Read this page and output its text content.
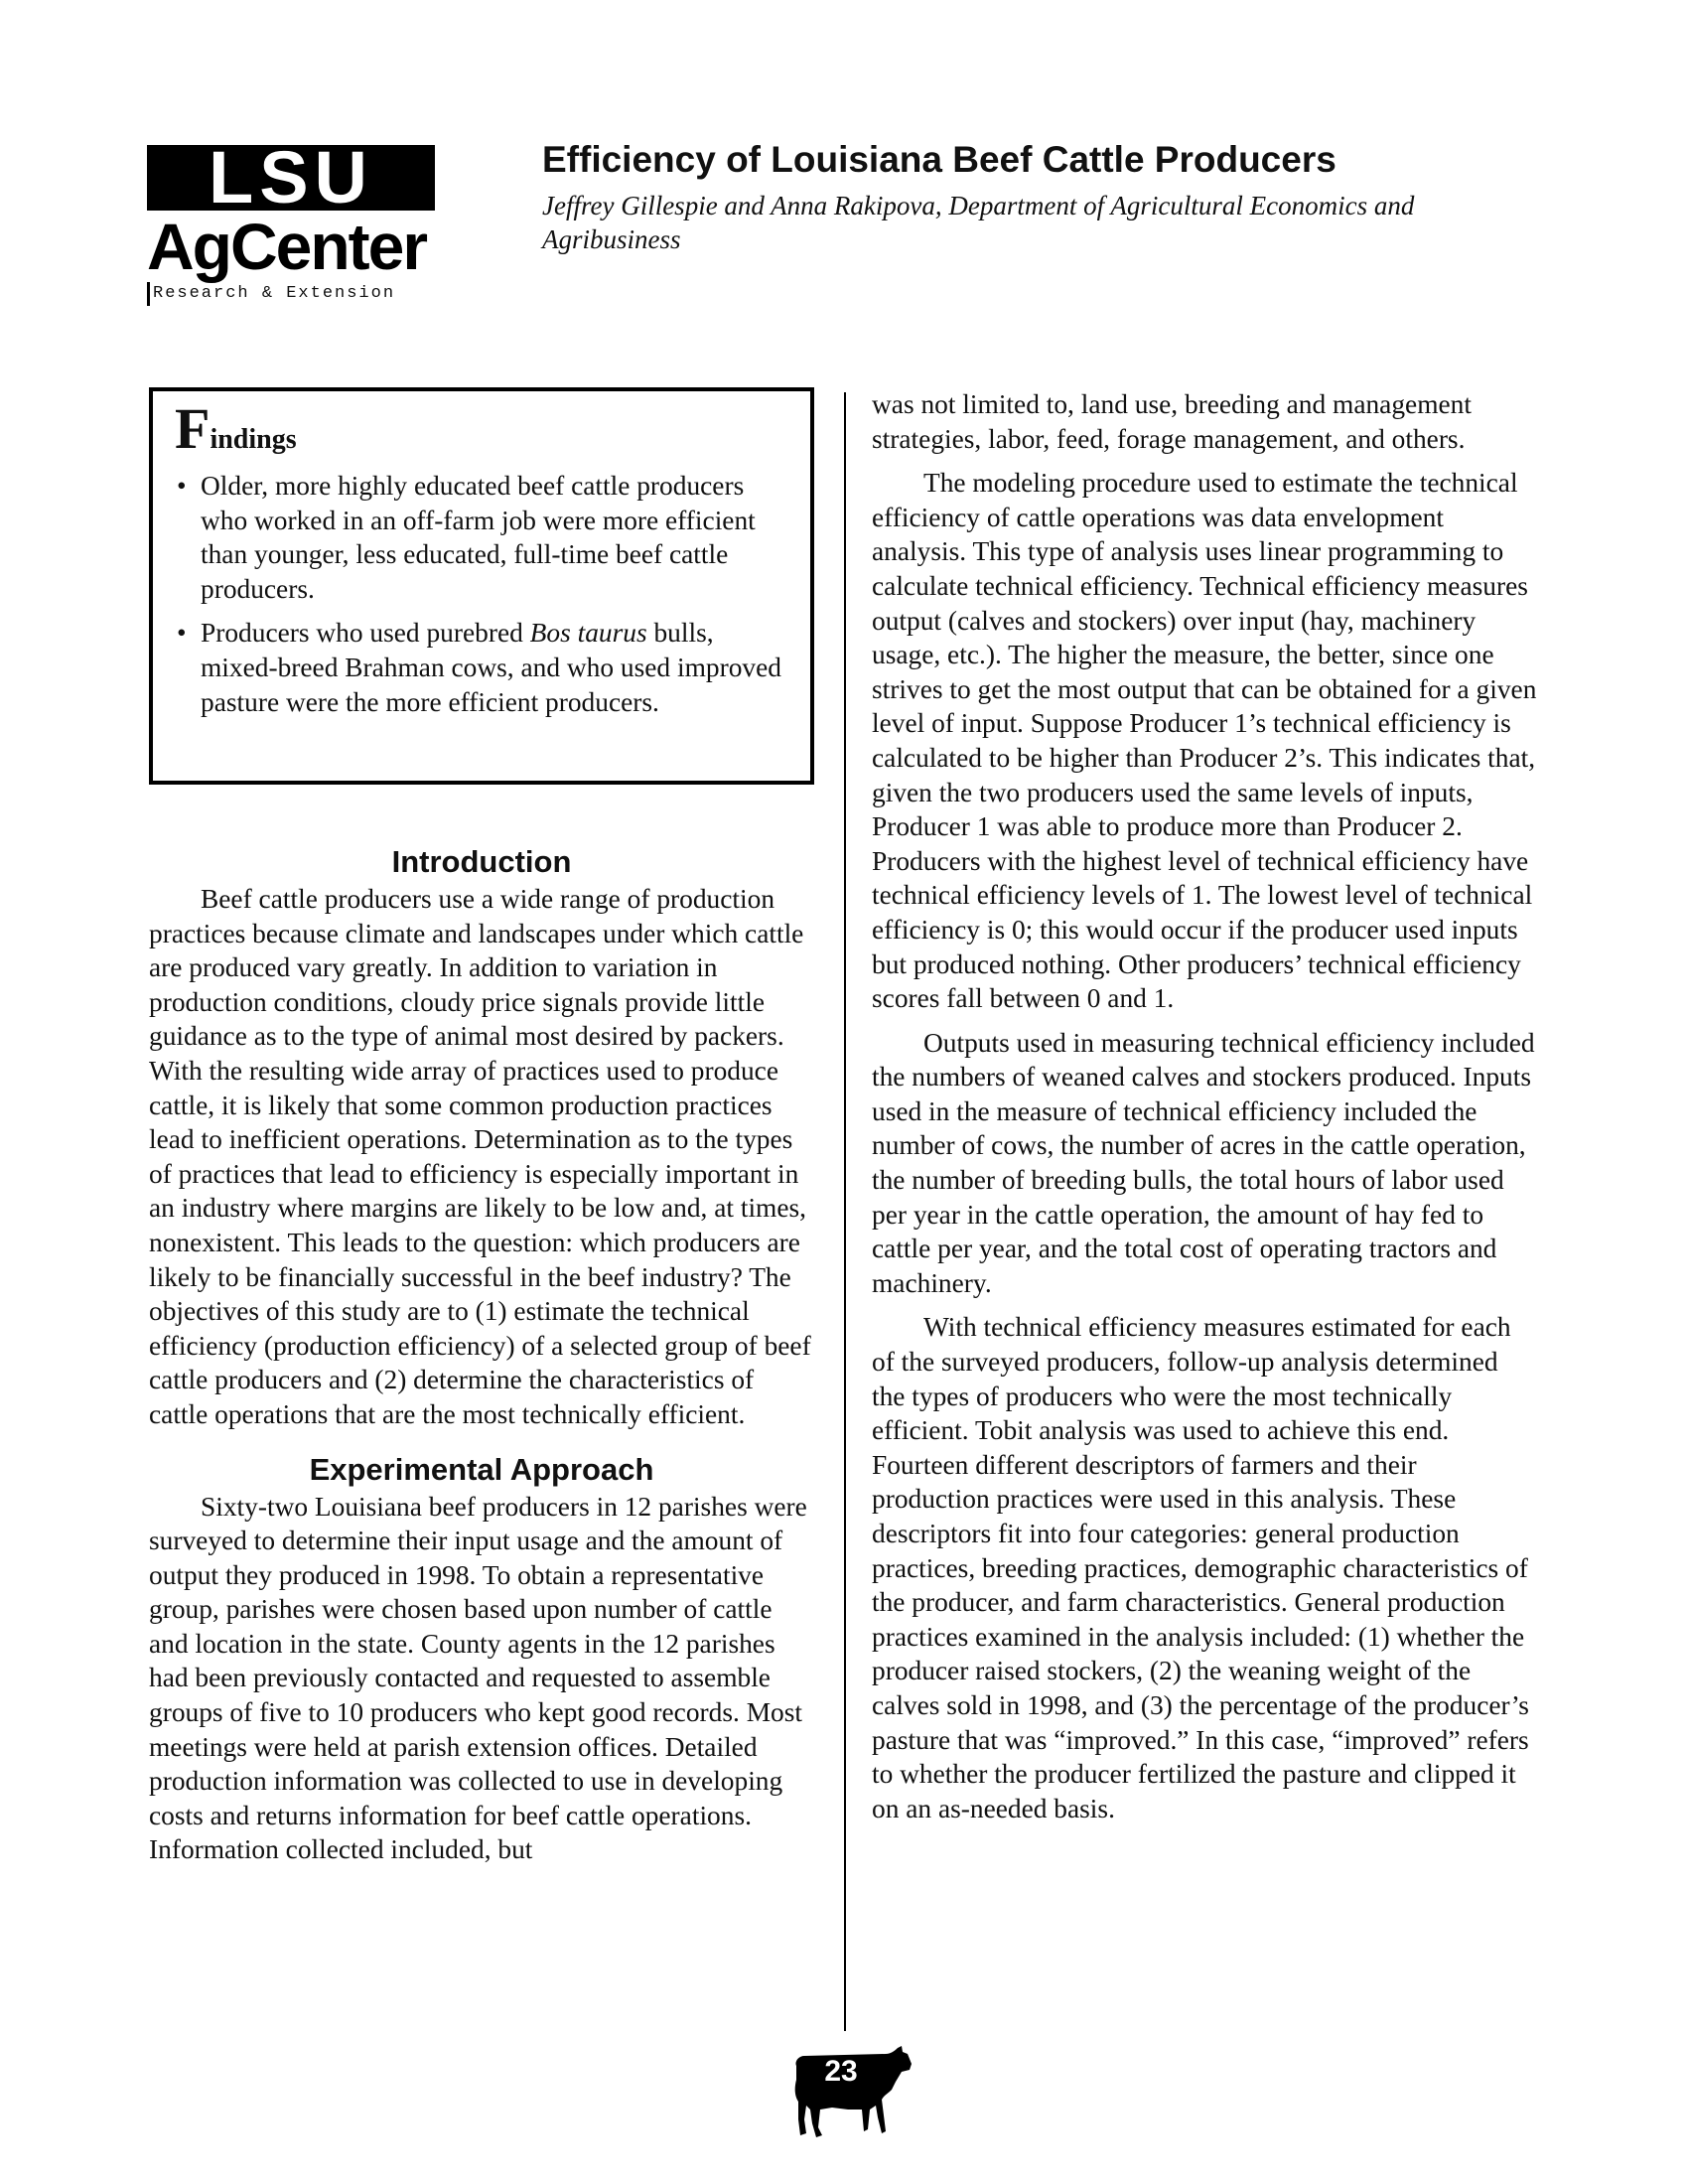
LSU
AgCenter
Research & Extension
Efficiency of Louisiana Beef Cattle Producers

Jeffrey Gillespie and Anna Rakipova, Department of Agricultural Economics and Agribusiness

Findings
• Older, more highly educated beef cattle producers who worked in an off-farm job were more efficient than younger, less educated, full-time beef cattle producers.
• Producers who used purebred Bos taurus bulls, mixed-breed Brahman cows, and who used improved pasture were the more efficient producers.
Introduction

Beef cattle producers use a wide range of production practices because climate and landscapes under which cattle are produced vary greatly. In addition to variation in production conditions, cloudy price signals provide little guidance as to the type of animal most desired by packers. With the resulting wide array of practices used to produce cattle, it is likely that some common production practices lead to inefficient operations. Determination as to the types of practices that lead to efficiency is especially important in an industry where margins are likely to be low and, at times, nonexistent. This leads to the question: which producers are likely to be financially successful in the beef industry? The objectives of this study are to (1) estimate the technical efficiency (production efficiency) of a selected group of beef cattle producers and (2) determine the characteristics of cattle operations that are the most technically efficient.

Experimental Approach

Sixty-two Louisiana beef producers in 12 parishes were surveyed to determine their input usage and the amount of output they produced in 1998. To obtain a representative group, parishes were chosen based upon number of cattle and location in the state. County agents in the 12 parishes had been previously contacted and requested to assemble groups of five to 10 producers who kept good records. Most meetings were held at parish extension offices. Detailed production information was collected to use in developing costs and returns information for beef cattle operations. Information collected included, but

was not limited to, land use, breeding and management strategies, labor, feed, forage management, and others.

The modeling procedure used to estimate the technical efficiency of cattle operations was data envelopment analysis. This type of analysis uses linear programming to calculate technical efficiency. Technical efficiency measures output (calves and stockers) over input (hay, machinery usage, etc.). The higher the measure, the better, since one strives to get the most output that can be obtained for a given level of input. Suppose Producer 1’s technical efficiency is calculated to be higher than Producer 2’s. This indicates that, given the two producers used the same levels of inputs, Producer 1 was able to produce more than Producer 2. Producers with the highest level of technical efficiency have technical efficiency levels of 1. The lowest level of technical efficiency is 0; this would occur if the producer used inputs but produced nothing. Other producers’ technical efficiency scores fall between 0 and 1.

Outputs used in measuring technical efficiency included the numbers of weaned calves and stockers produced. Inputs used in the measure of technical efficiency included the number of cows, the number of acres in the cattle operation, the number of breeding bulls, the total hours of labor used per year in the cattle operation, the amount of hay fed to cattle per year, and the total cost of operating tractors and machinery.

With technical efficiency measures estimated for each of the surveyed producers, follow-up analysis determined the types of producers who were the most technically efficient. Tobit analysis was used to achieve this end. Fourteen different descriptors of farmers and their production practices were used in this analysis. These descriptors fit into four categories: general production practices, breeding practices, demographic characteristics of the producer, and farm characteristics. General production practices examined in the analysis included: (1) whether the producer raised stockers, (2) the weaning weight of the calves sold in 1998, and (3) the percentage of the producer’s pasture that was “improved.” In this case, “improved” refers to whether the producer fertilized the pasture and clipped it on an as-needed basis.

23
